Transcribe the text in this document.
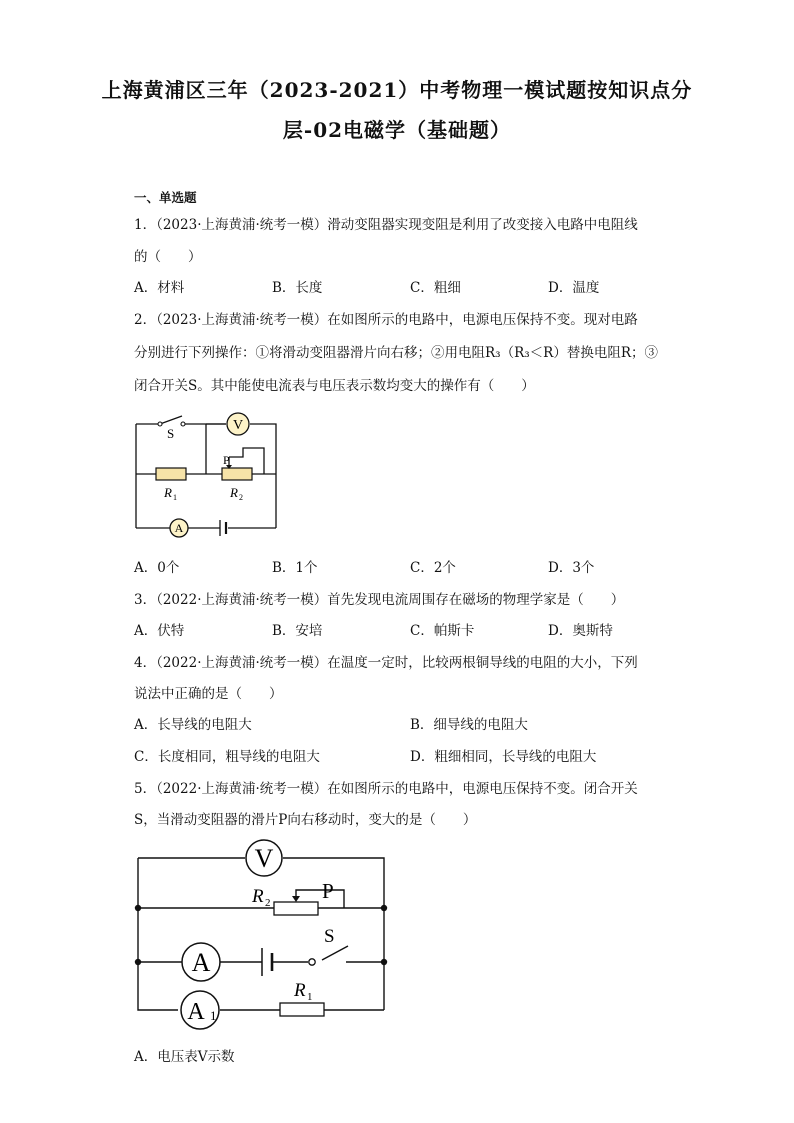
上海黄浦区三年（2023-2021）中考物理一模试题按知识点分
层-02电磁学（基础题）
一、单选题
1．（2023·上海黄浦·统考一模）滑动变阻器实现变阻是利用了改变接入电路中电阻线
的（　　）
A．材料	B．长度	C．粗细	D．温度
2．（2023·上海黄浦·统考一模）在如图所示的电路中，电源电压保持不变。现对电路
分别进行下列操作：①将滑动变阻器滑片向右移；②用电阻R₃（R₃＜R）替换电阻R；③
闭合开关S。其中能使电流表与电压表示数均变大的操作有（　　）
V
A
S
P
R 1	R 2
A．0个	B．1个	C．2个	D．3个
3．（2022·上海黄浦·统考一模）首先发现电流周围存在磁场的物理学家是（　　）
A．伏特	B．安培	C．帕斯卡	D．奥斯特
4．（2022·上海黄浦·统考一模）在温度一定时，比较两根铜导线的电阻的大小，下列
说法中正确的是（　　）
A．长导线的电阻大	B．细导线的电阻大
C．长度相同，粗导线的电阻大	D．粗细相同，长导线的电阻大
5．（2022·上海黄浦·统考一模）在如图所示的电路中，电源电压保持不变。闭合开关
S，当滑动变阻器的滑片P向右移动时，变大的是（　　）
V
R 2 P
A
S
A 1
R 1
A．电压表V示数
